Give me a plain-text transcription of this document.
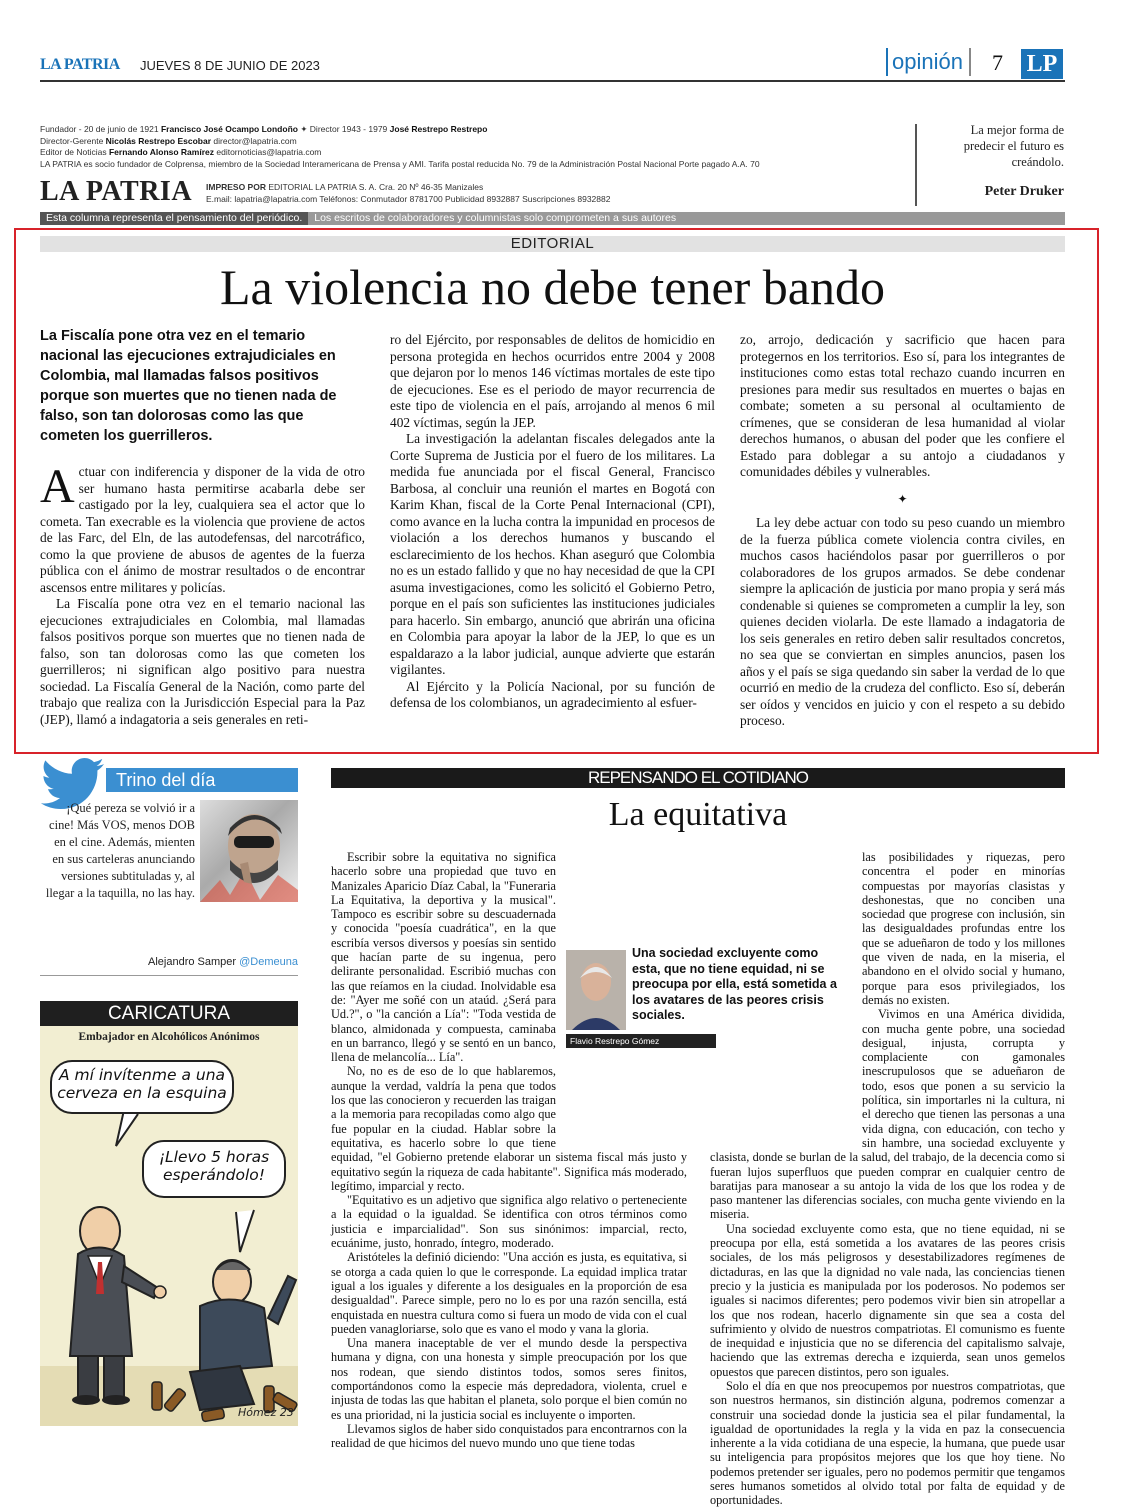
LA PATRIA JUEVES 8 DE JUNIO DE 2023	opinión	7 LP
Fundador - 20 de junio de 1921 Francisco José Ocampo Londoño ✦ Director 1943 - 1979 José Restrepo Restrepo
Director-Gerente Nicolás Restrepo Escobar director@lapatria.com
Editor de Noticias Fernando Alonso Ramírez editornoticias@lapatria.com
LA PATRIA es socio fundador de Colprensa, miembro de la Sociedad Interamericana de Prensa y AMI. Tarifa postal reducida No. 79 de la Administración Postal Nacional Porte pagado A.A. 70
LA PATRIA IMPRESO POR EDITORIAL LA PATRIA S. A. Cra. 20 Nº 46-35 Manizales
E.mail: lapatria@lapatria.com Teléfonos: Conmutador 8781700 Publicidad 8932887 Suscripciones 8932882
La mejor forma de predecir el futuro es creándolo.
Peter Druker
Esta columna representa el pensamiento del periódico. Los escritos de colaboradores y columnistas solo comprometen a sus autores
EDITORIAL
La violencia no debe tener bando
La Fiscalía pone otra vez en el temario nacional las ejecuciones extrajudiciales en Colombia, mal llamadas falsos positivos porque son muertes que no tienen nada de falso, son tan dolorosas como las que cometen los guerrilleros.

Actuar con indiferencia y disponer de la vida de otro ser humano hasta permitirse acabarla debe ser castigado por la ley, cualquiera sea el actor que lo cometa. Tan execrable es la violencia que proviene de actos de las Farc, del Eln, de las autodefensas, del narcotráfico, como la que proviene de abusos de agentes de la fuerza pública con el ánimo de mostrar resultados o de encontrar ascensos entre militares y policías.

La Fiscalía pone otra vez en el temario nacional las ejecuciones extrajudiciales en Colombia, mal llamadas falsos positivos porque son muertes que no tienen nada de falso, son tan dolorosas como las que cometen los guerrilleros; ni significan algo positivo para nuestra sociedad. La Fiscalía General de la Nación, como parte del trabajo que realiza con la Jurisdicción Especial para la Paz (JEP), llamó a indagatoria a seis generales en reti-

ro del Ejército, por responsables de delitos de homicidio en persona protegida en hechos ocurridos entre 2004 y 2008 que dejaron por lo menos 146 víctimas mortales de este tipo de ejecuciones. Ese es el periodo de mayor recurrencia de este tipo de violencia en el país, arrojando al menos 6 mil 402 víctimas, según la JEP.

La investigación la adelantan fiscales delegados ante la Corte Suprema de Justicia por el fuero de los militares. La medida fue anunciada por el fiscal General, Francisco Barbosa, al concluir una reunión el martes en Bogotá con Karim Khan, fiscal de la Corte Penal Internacional (CPI), como avance en la lucha contra la impunidad en procesos de violación a los derechos humanos y buscando el esclarecimiento de los hechos. Khan aseguró que Colombia no es un estado fallido y que no hay necesidad de que la CPI asuma investigaciones, como les solicitó el Gobierno Petro, porque en el país son suficientes las instituciones judiciales para hacerlo. Sin embargo, anunció que abrirán una oficina en Colombia para apoyar la labor de la JEP, lo que es un espaldarazo a la labor judicial, aunque advierte que estarán vigilantes.

Al Ejército y la Policía Nacional, por su función de defensa de los colombianos, un agradecimiento al esfuer-

zo, arrojo, dedicación y sacrificio que hacen para protegernos en los territorios. Eso sí, para los integrantes de instituciones como estas total rechazo cuando incurren en presiones para medir sus resultados en muertes o bajas en combate; someten a su personal al ocultamiento de crímenes, que se consideran de lesa humanidad al violar derechos humanos, o abusan del poder que les confiere el Estado para doblegar a su antojo a ciudadanos y comunidades débiles y vulnerables.

✦

La ley debe actuar con todo su peso cuando un miembro de la fuerza pública comete violencia contra civiles, en muchos casos haciéndolos pasar por guerrilleros o por colaboradores de los grupos armados. Se debe condenar siempre la aplicación de justicia por mano propia y será más condenable si quienes se comprometen a cumplir la ley, son quienes deciden violarla. De este llamado a indagatoria de los seis generales en retiro deben salir resultados concretos, no sea que se conviertan en simples anuncios, pasen los años y el país se siga quedando sin saber la verdad de lo que ocurrió en medio de la crudeza del conflicto. Eso sí, deberán ser oídos y vencidos en juicio y con el respeto a su debido proceso.

Trino del día
¡Qué pereza se volvió ir a cine! Más VOS, menos DOB en el cine. Además, mienten en sus carteleras anunciando versiones subtituladas y, al llegar a la taquilla, no las hay.
Alejandro Samper @Demeuna
CARICATURA
Embajador en Alcohólicos Anónimos
A mí invítenme a una cerveza en la esquina
¡Llevo 5 horas esperándolo!
Hómez 23
REPENSANDO EL COTIDIANO
La equitativa

Escribir sobre la equitativa no significa hacerlo sobre una propiedad que tuvo en Manizales Aparicio Díaz Cabal, la "Funeraria La Equitativa, la deportiva y la musical". Tampoco es escribir sobre su descuadernada y conocida "poesía cuadrática", en la que escribía versos diversos y poesías sin sentido que hacían parte de su ingenua, pero delirante personalidad. Escribió muchas con las que reíamos en la ciudad. Inolvidable esa de: "Ayer me soñé con un ataúd. ¿Será para Ud.?", o "la canción a Lía": "Toda vestida de blanco, almidonada y compuesta, caminaba en un barranco, llegó y se sentó en un banco, llena de melancolía... Lía".

No, no es de eso de lo que hablaremos, aunque la verdad, valdría la pena que todos los que las conocieron y recuerden las traigan a la memoria para recopiladas como algo que fue popular en la ciudad. Hablar sobre la equitativa, es hacerlo sobre lo que tiene equidad, "el Gobierno pretende elaborar un sistema fiscal más justo y equitativo según la riqueza de cada habitante". Significa más moderado, legítimo, imparcial y recto.

"Equitativo es un adjetivo que significa algo relativo o perteneciente a la equidad o la igualdad. Se identifica con otros términos como justicia e imparcialidad". Son sus sinónimos: imparcial, recto, ecuánime, justo, honrado, íntegro, moderado.

Aristóteles la definió diciendo: "Una acción es justa, es equitativa, si se otorga a cada quien lo que le corresponde. La equidad implica tratar igual a los iguales y diferente a los desiguales en la proporción de esa desigualdad". Parece simple, pero no lo es por una razón sencilla, está enquistada en nuestra cultura como si fuera un modo de vida con el cual pueden vanagloriarse, solo que es vano el modo y vana la gloria.

Una manera inaceptable de ver el mundo desde la perspectiva humana y digna, con una honesta y simple preocupación por los que nos rodean, que siendo distintos todos, somos seres finitos, comportándonos como la especie más depredadora, violenta, cruel e injusta de todas las que habitan el planeta, solo porque el bien común no es una prioridad, ni la justicia social es incluyente o importen.

Llevamos siglos de haber sido conquistados para encontrarnos con la realidad de que hicimos del nuevo mundo uno que tiene todas

las posibilidades y riquezas, pero concentra el poder en minorías compuestas por mayorías clasistas y deshonestas, que no conciben una sociedad que progrese con inclusión, sin las desigualdades profundas entre los que se adueñaron de todo y los millones que viven de nada, en la miseria, el abandono en el olvido social y humano, porque para esos privilegiados, los demás no existen.

Vivimos en una América dividida, con mucha gente pobre, una sociedad desigual, injusta, corrupta y complaciente con gamonales inescrupulosos que se adueñaron de todo, esos que ponen a su servicio la política, sin importarles ni la cultura, ni el derecho que tienen las personas a una vida digna, con educación, con techo y sin hambre, una sociedad excluyente y clasista, donde se burlan de la salud, del trabajo, de la decencia como si fueran lujos superfluos que pueden comprar en cualquier centro de baratijas para manosear a su antojo la vida de los que los rodea y de paso mantener las diferencias sociales, con mucha gente viviendo en la miseria.

Una sociedad excluyente como esta, que no tiene equidad, ni se preocupa por ella, está sometida a los avatares de las peores crisis sociales, de los más peligrosos y desestabilizadores regímenes de dictaduras, en las que la dignidad no vale nada, las conciencias tienen precio y la justicia es manipulada por los poderosos. No podemos ser iguales si nacimos diferentes; pero podemos vivir bien sin atropellar a los que nos rodean, hacerlo dignamente sin que sea a costa del sufrimiento y olvido de nuestros compatriotas. El comunismo es fuente de inequidad e injusticia que no se diferencia del capitalismo salvaje, haciendo que las extremas derecha e izquierda, sean unos gemelos opuestos que parecen distintos, pero son iguales.

Solo el día en que nos preocupemos por nuestros compatriotas, que son nuestros hermanos, sin distinción alguna, podremos comenzar a construir una sociedad donde la justicia sea el pilar fundamental, la igualdad de oportunidades la regla y la vida en paz la consecuencia inherente a la vida cotidiana de una especie, la humana, que puede usar su inteligencia para propósitos mejores que los que hoy tiene. No podemos pretender ser iguales, pero no podemos permitir que tengamos seres humanos sometidos al olvido total por falta de equidad y de oportunidades.

Una sociedad excluyente como esta, que no tiene equidad, ni se preocupa por ella, está sometida a los avatares de las peores crisis sociales.
Flavio Restrepo Gómez
